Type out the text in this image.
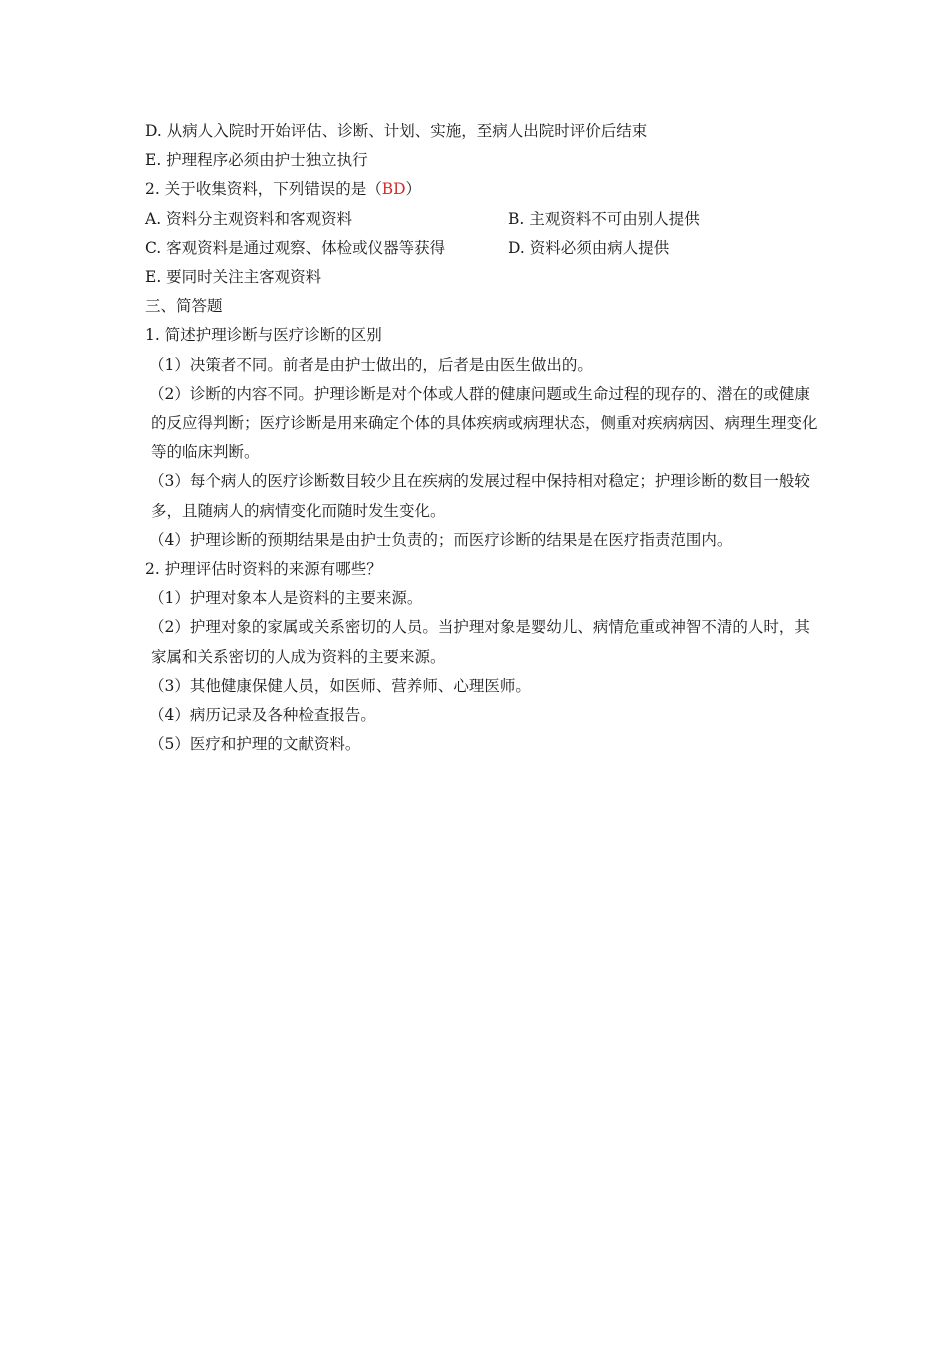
D. 从病人入院时开始评估、诊断、计划、实施，至病人出院时评价后结束

E. 护理程序必须由护士独立执行

2. 关于收集资料，下列错误的是（BD）

A. 资料分主观资料和客观资料	B. 主观资料不可由别人提供
C. 客观资料是通过观察、体检或仪器等获得	D. 资料必须由病人提供

E. 要同时关注主客观资料

三、简答题

1. 简述护理诊断与医疗诊断的区别

（1）决策者不同。前者是由护士做出的，后者是由医生做出的。

（2）诊断的内容不同。护理诊断是对个体或人群的健康问题或生命过程的现存的、潜在的或健康的反应得判断；医疗诊断是用来确定个体的具体疾病或病理状态，侧重对疾病病因、病理生理变化等的临床判断。

（3）每个病人的医疗诊断数目较少且在疾病的发展过程中保持相对稳定；护理诊断的数目一般较多，且随病人的病情变化而随时发生变化。

（4）护理诊断的预期结果是由护士负责的；而医疗诊断的结果是在医疗指责范围内。

2. 护理评估时资料的来源有哪些？

（1）护理对象本人是资料的主要来源。

（2）护理对象的家属或关系密切的人员。当护理对象是婴幼儿、病情危重或神智不清的人时，其家属和关系密切的人成为资料的主要来源。

（3）其他健康保健人员，如医师、营养师、心理医师。

（4）病历记录及各种检查报告。

（5）医疗和护理的文献资料。
